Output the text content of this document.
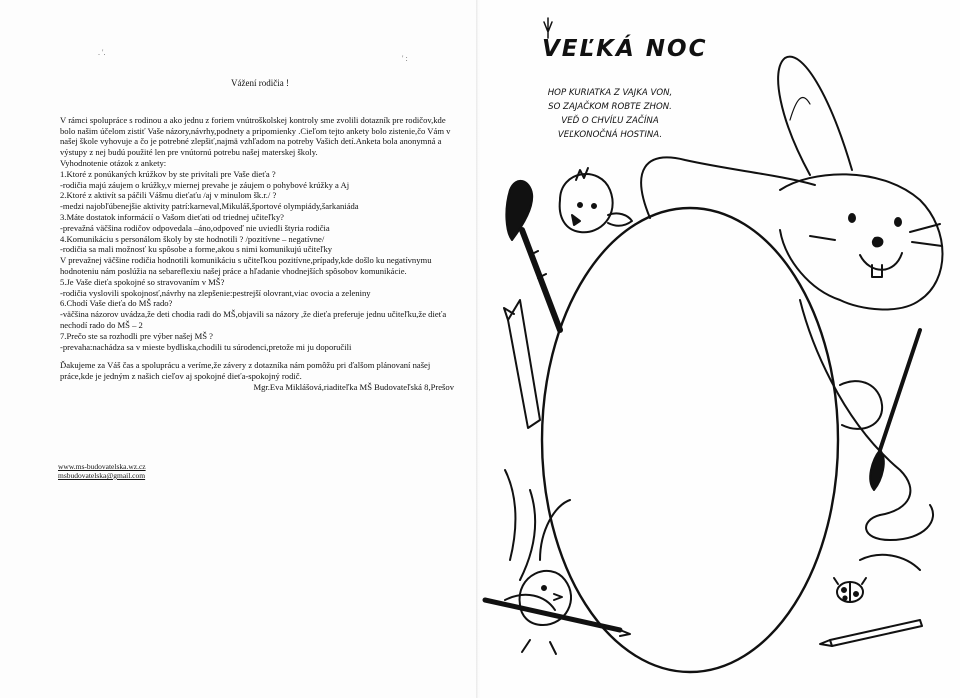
. '.
' :
Vážení rodičia !

V rámci spolupráce s rodinou a ako jednu z foriem vnútroškolskej kontroly sme zvolili dotazník pre rodičov,kde bolo našim účelom zistiť Vaše názory,návrhy,podnety a pripomienky .Cieľom tejto ankety bolo zistenie,čo Vám v našej škole vyhovuje a čo je potrebné zlepšiť,najmä vzhľadom na potreby Vašich detí.Anketa bola anonymná a výstupy z nej budú použité len pre vnútornú potrebu našej materskej školy.

Vyhodnotenie otázok z ankety:

1.Ktoré z ponúkaných krúžkov by ste privítali pre Vaše dieťa ?

-rodičia majú záujem o krúžky,v miernej prevahe je záujem o pohybové krúžky a Aj

2.Ktoré z aktivít sa páčili Vášmu dieťaťu /aj v minulom šk.r./ ?

-medzi najobľúbenejšie aktivity patrí:karneval,Mikuláš,športové olympiády,šarkaniáda

3.Máte dostatok informácií o Vašom dieťati od triednej učiteľky?

-prevažná väčšina rodičov odpovedala –áno,odpoveď nie uviedli štyria rodičia

4.Komunikáciu s personálom školy by ste hodnotili ? /pozitívne – negatívne/

-rodičia sa mali možnosť ku spôsobe a forme,akou s nimi komunikujú učiteľky

V prevažnej väčšine rodičia hodnotili komunikáciu s učiteľkou pozitívne,prípady,kde došlo ku negatívnymu hodnoteniu nám poslúžia na sebareflexiu našej práce a hľadanie vhodnejších spôsobov komunikácie.

5.Je Vaše dieťa spokojné so stravovaním v MŠ?

-rodičia vyslovili spokojnosť,návrhy na zlepšenie:pestrejší olovrant,viac ovocia a zeleniny

6.Chodí Vaše dieťa do MŠ rado?

-väčšina názorov uvádza,že deti chodia radi do MŠ,objavili sa názory ,že dieťa preferuje jednu učiteľku,že dieťa nechodí rado do MŠ – 2

7.Prečo ste sa rozhodli pre výber našej MŠ ?

-prevaha:nachádza sa v mieste bydliska,chodili tu súrodenci,pretože mi ju doporučili

Ďakujeme za Váš čas a spoluprácu a veríme,že závery z dotazníka nám pomôžu pri ďalšom plánovaní našej práce,kde je jedným z našich cieľov aj spokojné dieťa-spokojný rodič.

Mgr.Eva Miklášová,riaditeľka MŠ Budovateľská 8,Prešov

www.ms-budovatelska.wz.cz
msbudovatelska@gmail.com
VEĽKÁ NOC
HOP KURIATKA Z VAJKA VON,
SO ZAJAČKOM ROBTE ZHON.
VEĎ O CHVÍĽU ZAČÍNA
VEĽKONOČNÁ HOSTINA.
